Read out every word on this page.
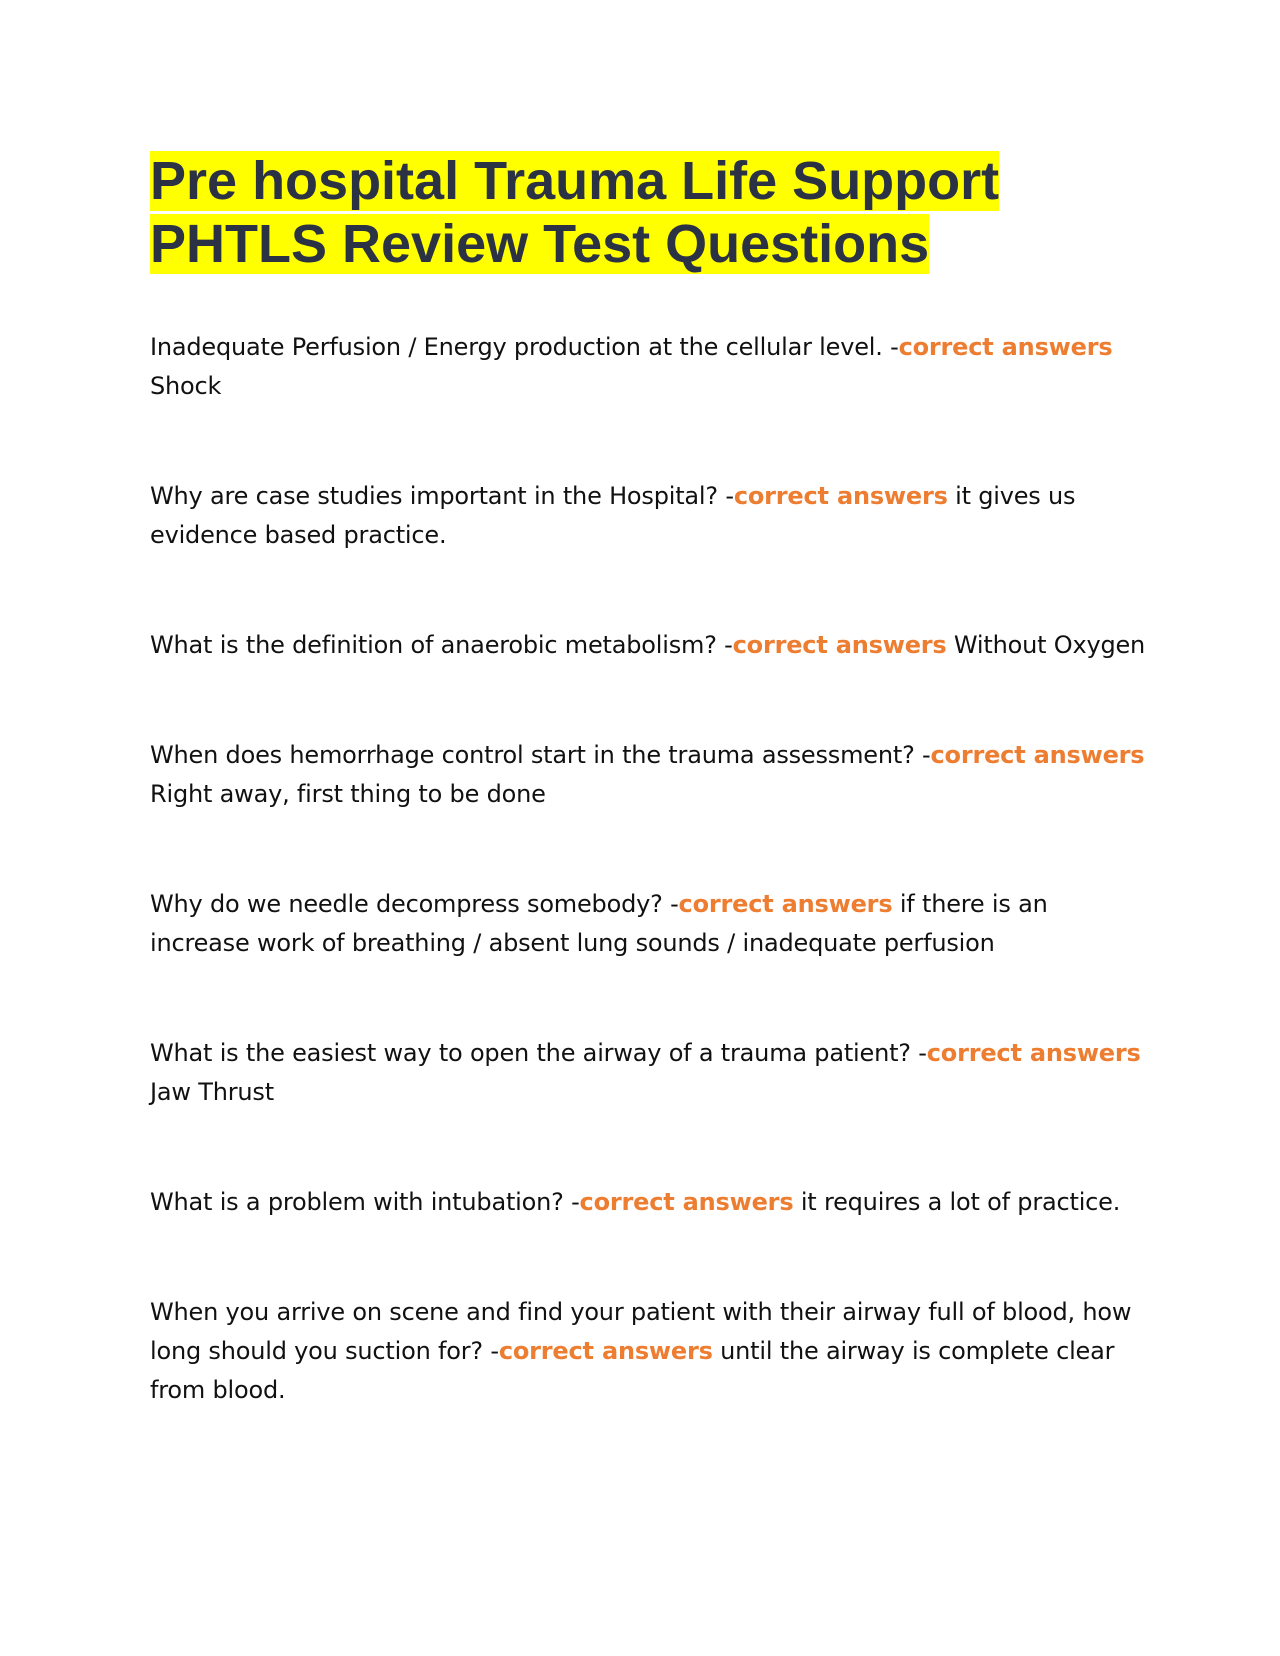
Pre hospital Trauma Life Support
PHTLS Review Test Questions

Inadequate Perfusion / Energy production at the cellular level. -correct answers
Shock

Why are case studies important in the Hospital? -correct answers it gives us evidence based practice.

What is the definition of anaerobic metabolism? -correct answers Without Oxygen

When does hemorrhage control start in the trauma assessment? -correct answers
Right away, first thing to be done

Why do we needle decompress somebody? -correct answers if there is an increase work of breathing / absent lung sounds / inadequate perfusion

What is the easiest way to open the airway of a trauma patient? -correct answers
Jaw Thrust

What is a problem with intubation? -correct answers it requires a lot of practice.

When you arrive on scene and find your patient with their airway full of blood, how long should you suction for? -correct answers until the airway is complete clear from blood.
